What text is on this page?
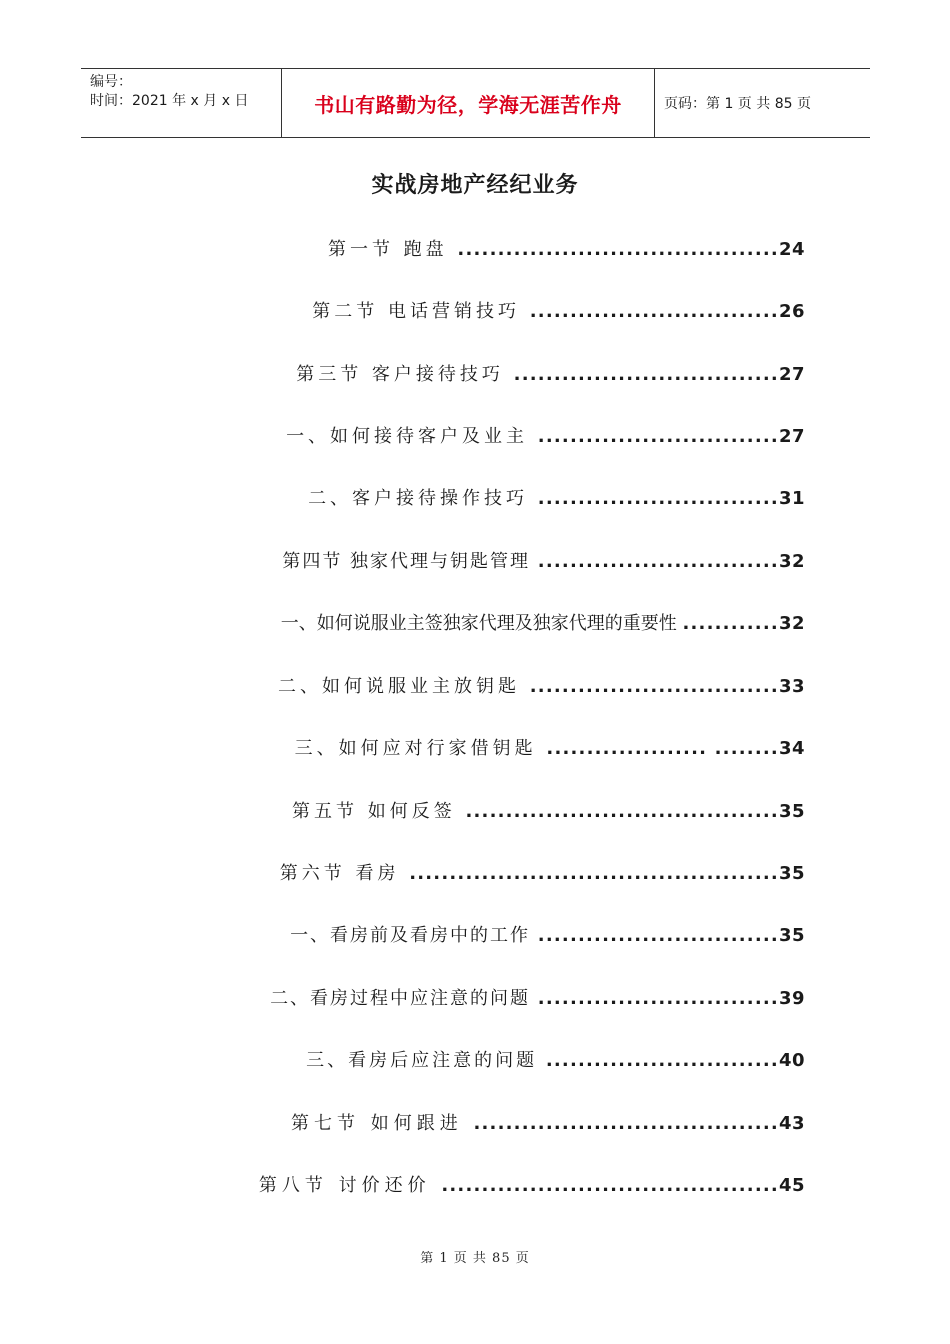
编号：
时间：2021 年 x 月 x 日	书山有路勤为径，学海无涯苦作舟	页码：第 1 页 共 85 页
实战房地产经纪业务
第一节 跑盘 ........................................24
第二节 电话营销技巧 ...............................26
第三节 客户接待技巧 .................................27
一、如何接待客户及业主 ..............................27
二、客户接待操作技巧 ..............................31
第四节 独家代理与钥匙管理 ..............................32
一、如何说服业主签独家代理及独家代理的重要性 ............32
二、如何说服业主放钥匙 ...............................33
三、如何应对行家借钥匙 .................... ........34
第五节 如何反签 .......................................35
第六节 看房 ..............................................35
一、看房前及看房中的工作 ..............................35
二、看房过程中应注意的问题 ..............................39
三、看房后应注意的问题 .............................40
第七节 如何跟进 ......................................43
第八节 讨价还价 ..........................................45
第 1 页 共 85 页
